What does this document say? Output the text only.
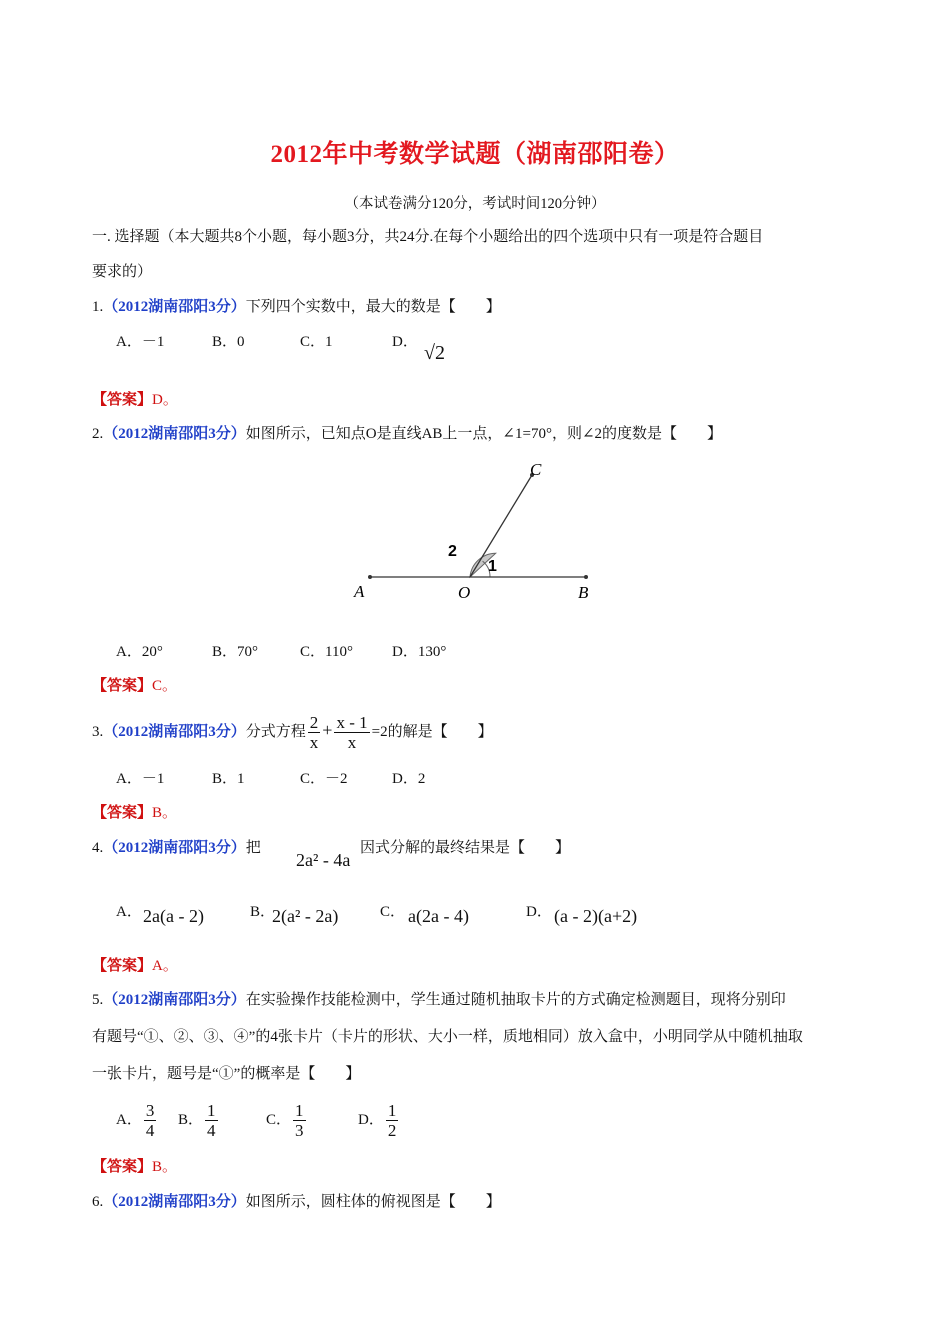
2012年中考数学试题（湖南邵阳卷）
（本试卷满分120分，考试时间120分钟）
一. 选择题（本大题共8个小题，每小题3分，共24分.在每个小题给出的四个选项中只有一项是符合题目
要求的）
1.（2012湖南邵阳3分）下列四个实数中，最大的数是【　　】
A．－1	B．0	C．1	D． √2
【答案】D。
2.（2012湖南邵阳3分）如图所示，已知点O是直线AB上一点，∠1=70°，则∠2的度数是【　　】
A	O	B
C
2
1
A．20°	B．70°	C．110°	D．130°
【答案】C。
3.（2012湖南邵阳3分）分式方程 $\frac{2}{x} + \frac{x - 1}{x} =2$的解是【　　】
A．－1	B．1	C．－2	D．2
【答案】B。
4.（2012湖南邵阳3分）把
2a² - 4a
因式分解的最终结果是【　　】
A． 2a(a - 2)	B．
2(a² - 2a)	C． a(2a - 4)	D． (a - 2)(a+2)
【答案】A。
5.（2012湖南邵阳3分）在实验操作技能检测中，学生通过随机抽取卡片的方式确定检测题目，现将分别印
有题号“①、②、③、④”的4张卡片（卡片的形状、大小一样，质地相同）放入盒中，小明同学从中随机抽取
一张卡片，题号是“①”的概率是【　　】
A． $\frac{3}{4}$ B． $\frac{1}{4}$	C． $\frac{1}{3}$	D． $\frac{1}{2}$
【答案】B。
6.（2012湖南邵阳3分）如图所示，圆柱体的俯视图是【　　】
